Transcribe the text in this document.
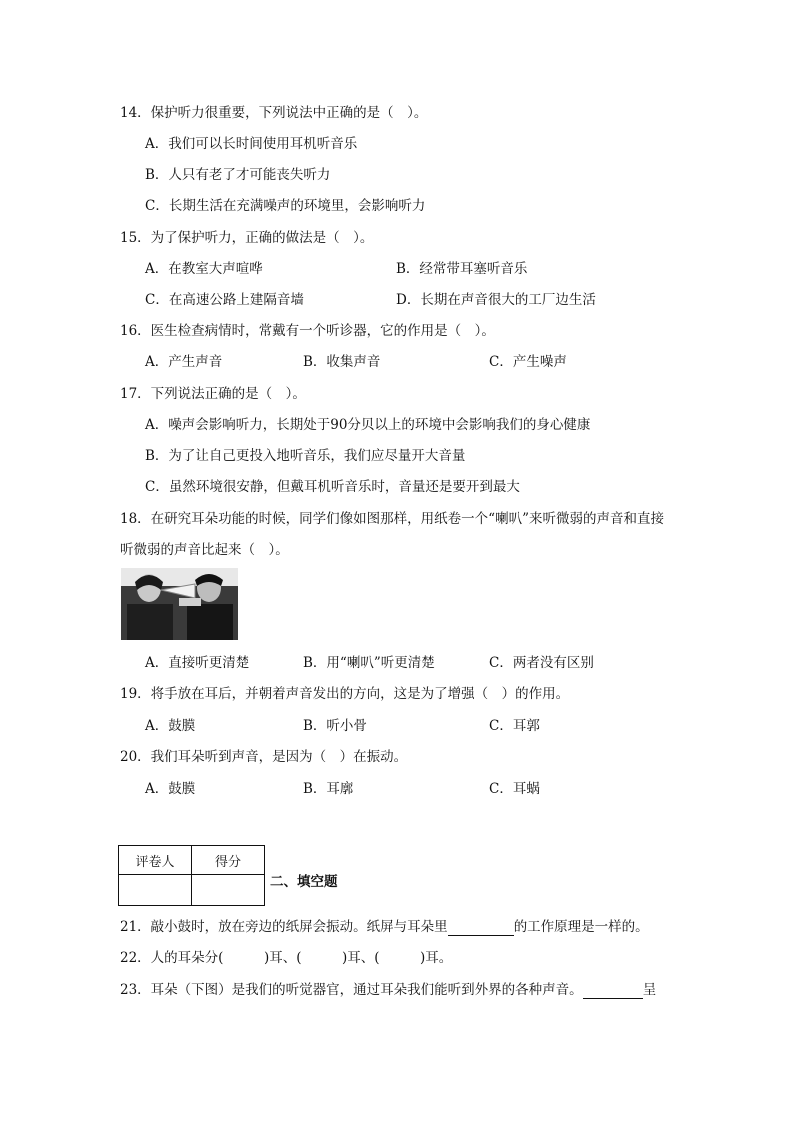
14．保护听力很重要，下列说法中正确的是（　）。
A．我们可以长时间使用耳机听音乐
B．人只有老了才可能丧失听力
C．长期生活在充满噪声的环境里，会影响听力
15．为了保护听力，正确的做法是（　）。
A．在教室大声喧哗	B．经常带耳塞听音乐
C．在高速公路上建隔音墙	D．长期在声音很大的工厂边生活
16．医生检查病情时，常戴有一个听诊器，它的作用是（　）。
A．产生声音	B．收集声音	C．产生噪声
17．下列说法正确的是（　）。
A．噪声会影响听力，长期处于90分贝以上的环境中会影响我们的身心健康
B．为了让自己更投入地听音乐，我们应尽量开大音量
C．虽然环境很安静，但戴耳机听音乐时，音量还是要开到最大
18．在研究耳朵功能的时候，同学们像如图那样，用纸卷一个“喇叭”来听微弱的声音和直接
听微弱的声音比起来（　）。
A．直接听更清楚	B．用“喇叭”听更清楚	C．两者没有区别
19．将手放在耳后，并朝着声音发出的方向，这是为了增强（　）的作用。
A．鼓膜	B．听小骨	C．耳郭
20．我们耳朵听到声音，是因为（　）在振动。
A．鼓膜	B．耳廓	C．耳蜗
评卷人	得分

二、填空题
21．敲小鼓时，放在旁边的纸屏会振动。纸屏与耳朵里	的工作原理是一样的。
22．人的耳朵分(　　　)耳、(　　　)耳、(　　　)耳。
23．耳朵（下图）是我们的听觉器官，通过耳朵我们能听到外界的各种声音。	呈
